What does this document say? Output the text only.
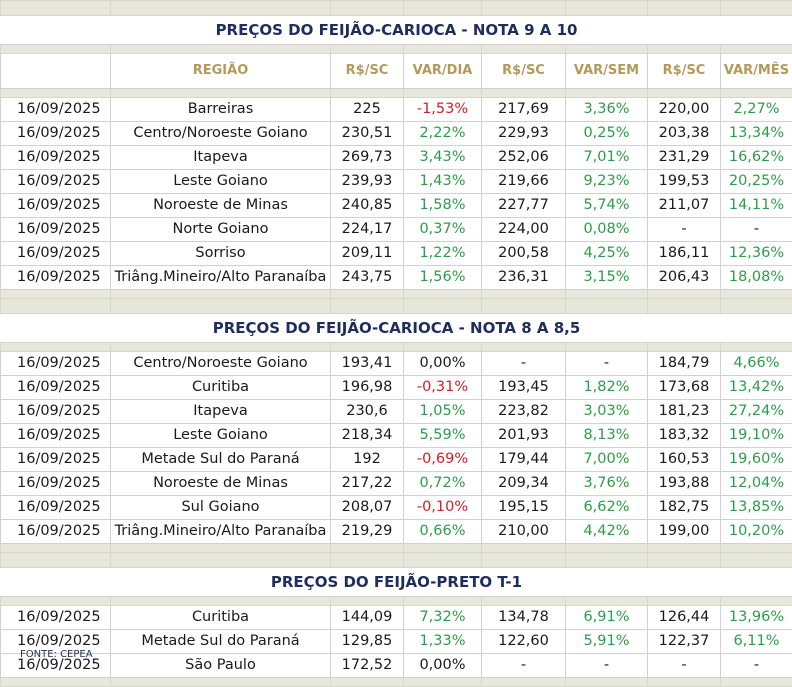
PREÇOS DO FEIJÃO-CARIOCA - NOTA 9 A 10							

	REGIÃO	R$/SC	VAR/DIA	R$/SC	VAR/SEM	R$/SC	VAR/MÊS

16/09/2025	Barreiras	225	-1,53%	217,69	3,36%	220,00	2,27%
16/09/2025	Centro/Noroeste Goiano	230,51	2,22%	229,93	0,25%	203,38	13,34%
16/09/2025	Itapeva	269,73	3,43%	252,06	7,01%	231,29	16,62%
16/09/2025	Leste Goiano	239,93	1,43%	219,66	9,23%	199,53	20,25%
16/09/2025	Noroeste de Minas	240,85	1,58%	227,77	5,74%	211,07	14,11%
16/09/2025	Norte Goiano	224,17	0,37%	224,00	0,08%	-	-
16/09/2025	Sorriso	209,11	1,22%	200,58	4,25%	186,11	12,36%
16/09/2025	Triâng.Mineiro/Alto Paranaíba	243,75	1,56%	236,31	3,15%	206,43	18,08%

PREÇOS DO FEIJÃO-CARIOCA - NOTA 8 A 8,5							

16/09/2025	Centro/Noroeste Goiano	193,41	0,00%	-	-	184,79	4,66%
16/09/2025	Curitiba	196,98	-0,31%	193,45	1,82%	173,68	13,42%
16/09/2025	Itapeva	230,6	1,05%	223,82	3,03%	181,23	27,24%
16/09/2025	Leste Goiano	218,34	5,59%	201,93	8,13%	183,32	19,10%
16/09/2025	Metade Sul do Paraná	192	-0,69%	179,44	7,00%	160,53	19,60%
16/09/2025	Noroeste de Minas	217,22	0,72%	209,34	3,76%	193,88	12,04%
16/09/2025	Sul Goiano	208,07	-0,10%	195,15	6,62%	182,75	13,85%
16/09/2025	Triâng.Mineiro/Alto Paranaíba	219,29	0,66%	210,00	4,42%	199,00	10,20%

PREÇOS DO FEIJÃO-PRETO T-1							

16/09/2025	Curitiba	144,09	7,32%	134,78	6,91%	126,44	13,96%
16/09/2025	Metade Sul do Paraná	129,85	1,33%	122,60	5,91%	122,37	6,11%
16/09/2025	São Paulo	172,52	0,00%	-	-	-	-

FONTE: CEPEA
